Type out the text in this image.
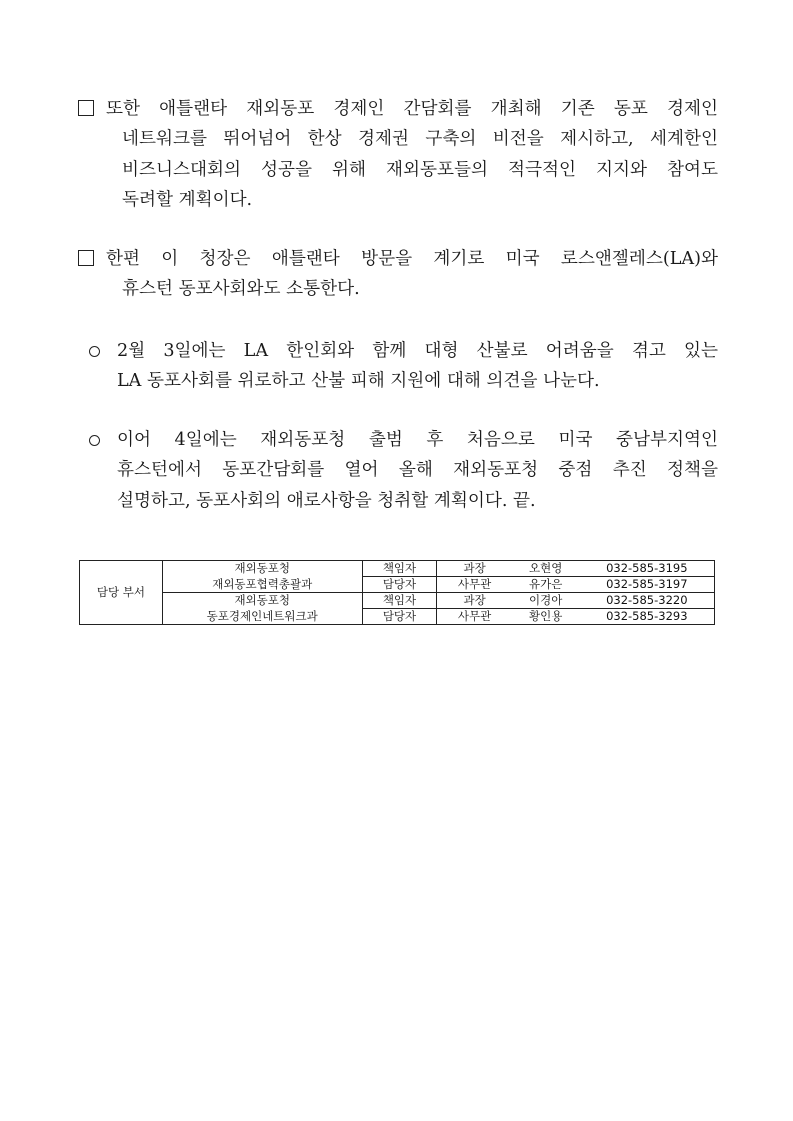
또한 애틀랜타 재외동포 경제인 간담회를 개최해 기존 동포 경제인
네트워크를 뛰어넘어 한상 경제권 구축의 비전을 제시하고, 세계한인
비즈니스대회의 성공을 위해 재외동포들의 적극적인 지지와 참여도
독려할 계획이다.
한편 이 청장은 애틀랜타 방문을 계기로 미국 로스앤젤레스(LA)와
휴스턴 동포사회와도 소통한다.
2월 3일에는 LA 한인회와 함께 대형 산불로 어려움을 겪고 있는
LA 동포사회를 위로하고 산불 피해 지원에 대해 의견을 나눈다.
이어 4일에는 재외동포청 출범 후 처음으로 미국 중남부지역인
휴스턴에서 동포간담회를 열어 올해 재외동포청 중점 추진 정책을
설명하고, 동포사회의 애로사항을 청취할 계획이다. 끝.
담당 부서	재외동포청	책임자	과장	오현영	032-585-3195
	재외동포협력총괄과	담당자	사무관	유가은	032-585-3197
	재외동포청	책임자	과장	이경아	032-585-3220
	동포경제인네트워크과	담당자	사무관	황인용	032-585-3293
